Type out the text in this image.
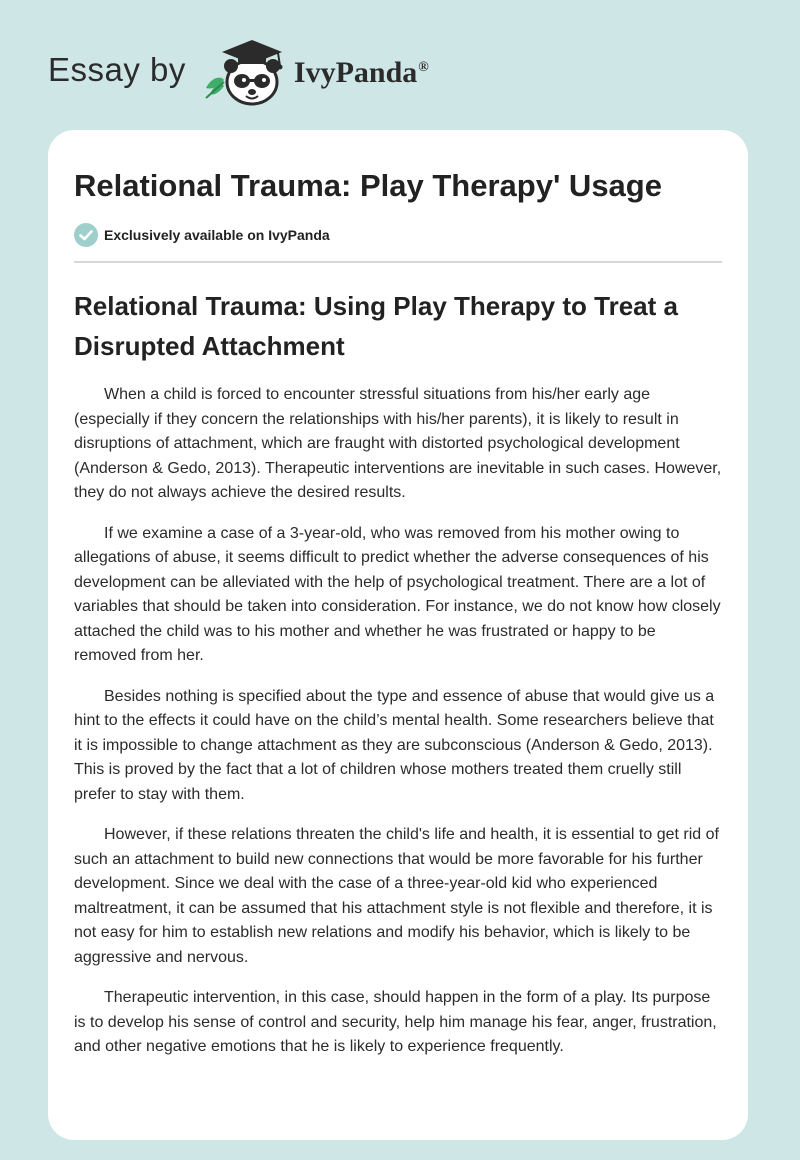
Essay by	IvyPanda®
Relational Trauma: Play Therapy' Usage
Exclusively available on IvyPanda
Relational Trauma: Using Play Therapy to Treat a Disrupted Attachment

When a child is forced to encounter stressful situations from his/her early age (especially if they concern the relationships with his/her parents), it is likely to result in disruptions of attachment, which are fraught with distorted psychological development (Anderson & Gedo, 2013). Therapeutic interventions are inevitable in such cases. However, they do not always achieve the desired results.

If we examine a case of a 3-year-old, who was removed from his mother owing to allegations of abuse, it seems difficult to predict whether the adverse consequences of his development can be alleviated with the help of psychological treatment. There are a lot of variables that should be taken into consideration. For instance, we do not know how closely attached the child was to his mother and whether he was frustrated or happy to be removed from her.

Besides nothing is specified about the type and essence of abuse that would give us a hint to the effects it could have on the child’s mental health. Some researchers believe that it is impossible to change attachment as they are subconscious (Anderson & Gedo, 2013). This is proved by the fact that a lot of children whose mothers treated them cruelly still prefer to stay with them.

However, if these relations threaten the child's life and health, it is essential to get rid of such an attachment to build new connections that would be more favorable for his further development. Since we deal with the case of a three-year-old kid who experienced maltreatment, it can be assumed that his attachment style is not flexible and therefore, it is not easy for him to establish new relations and modify his behavior, which is likely to be aggressive and nervous.

Therapeutic intervention, in this case, should happen in the form of a play. Its purpose is to develop his sense of control and security, help him manage his fear, anger, frustration, and other negative emotions that he is likely to experience frequently.
